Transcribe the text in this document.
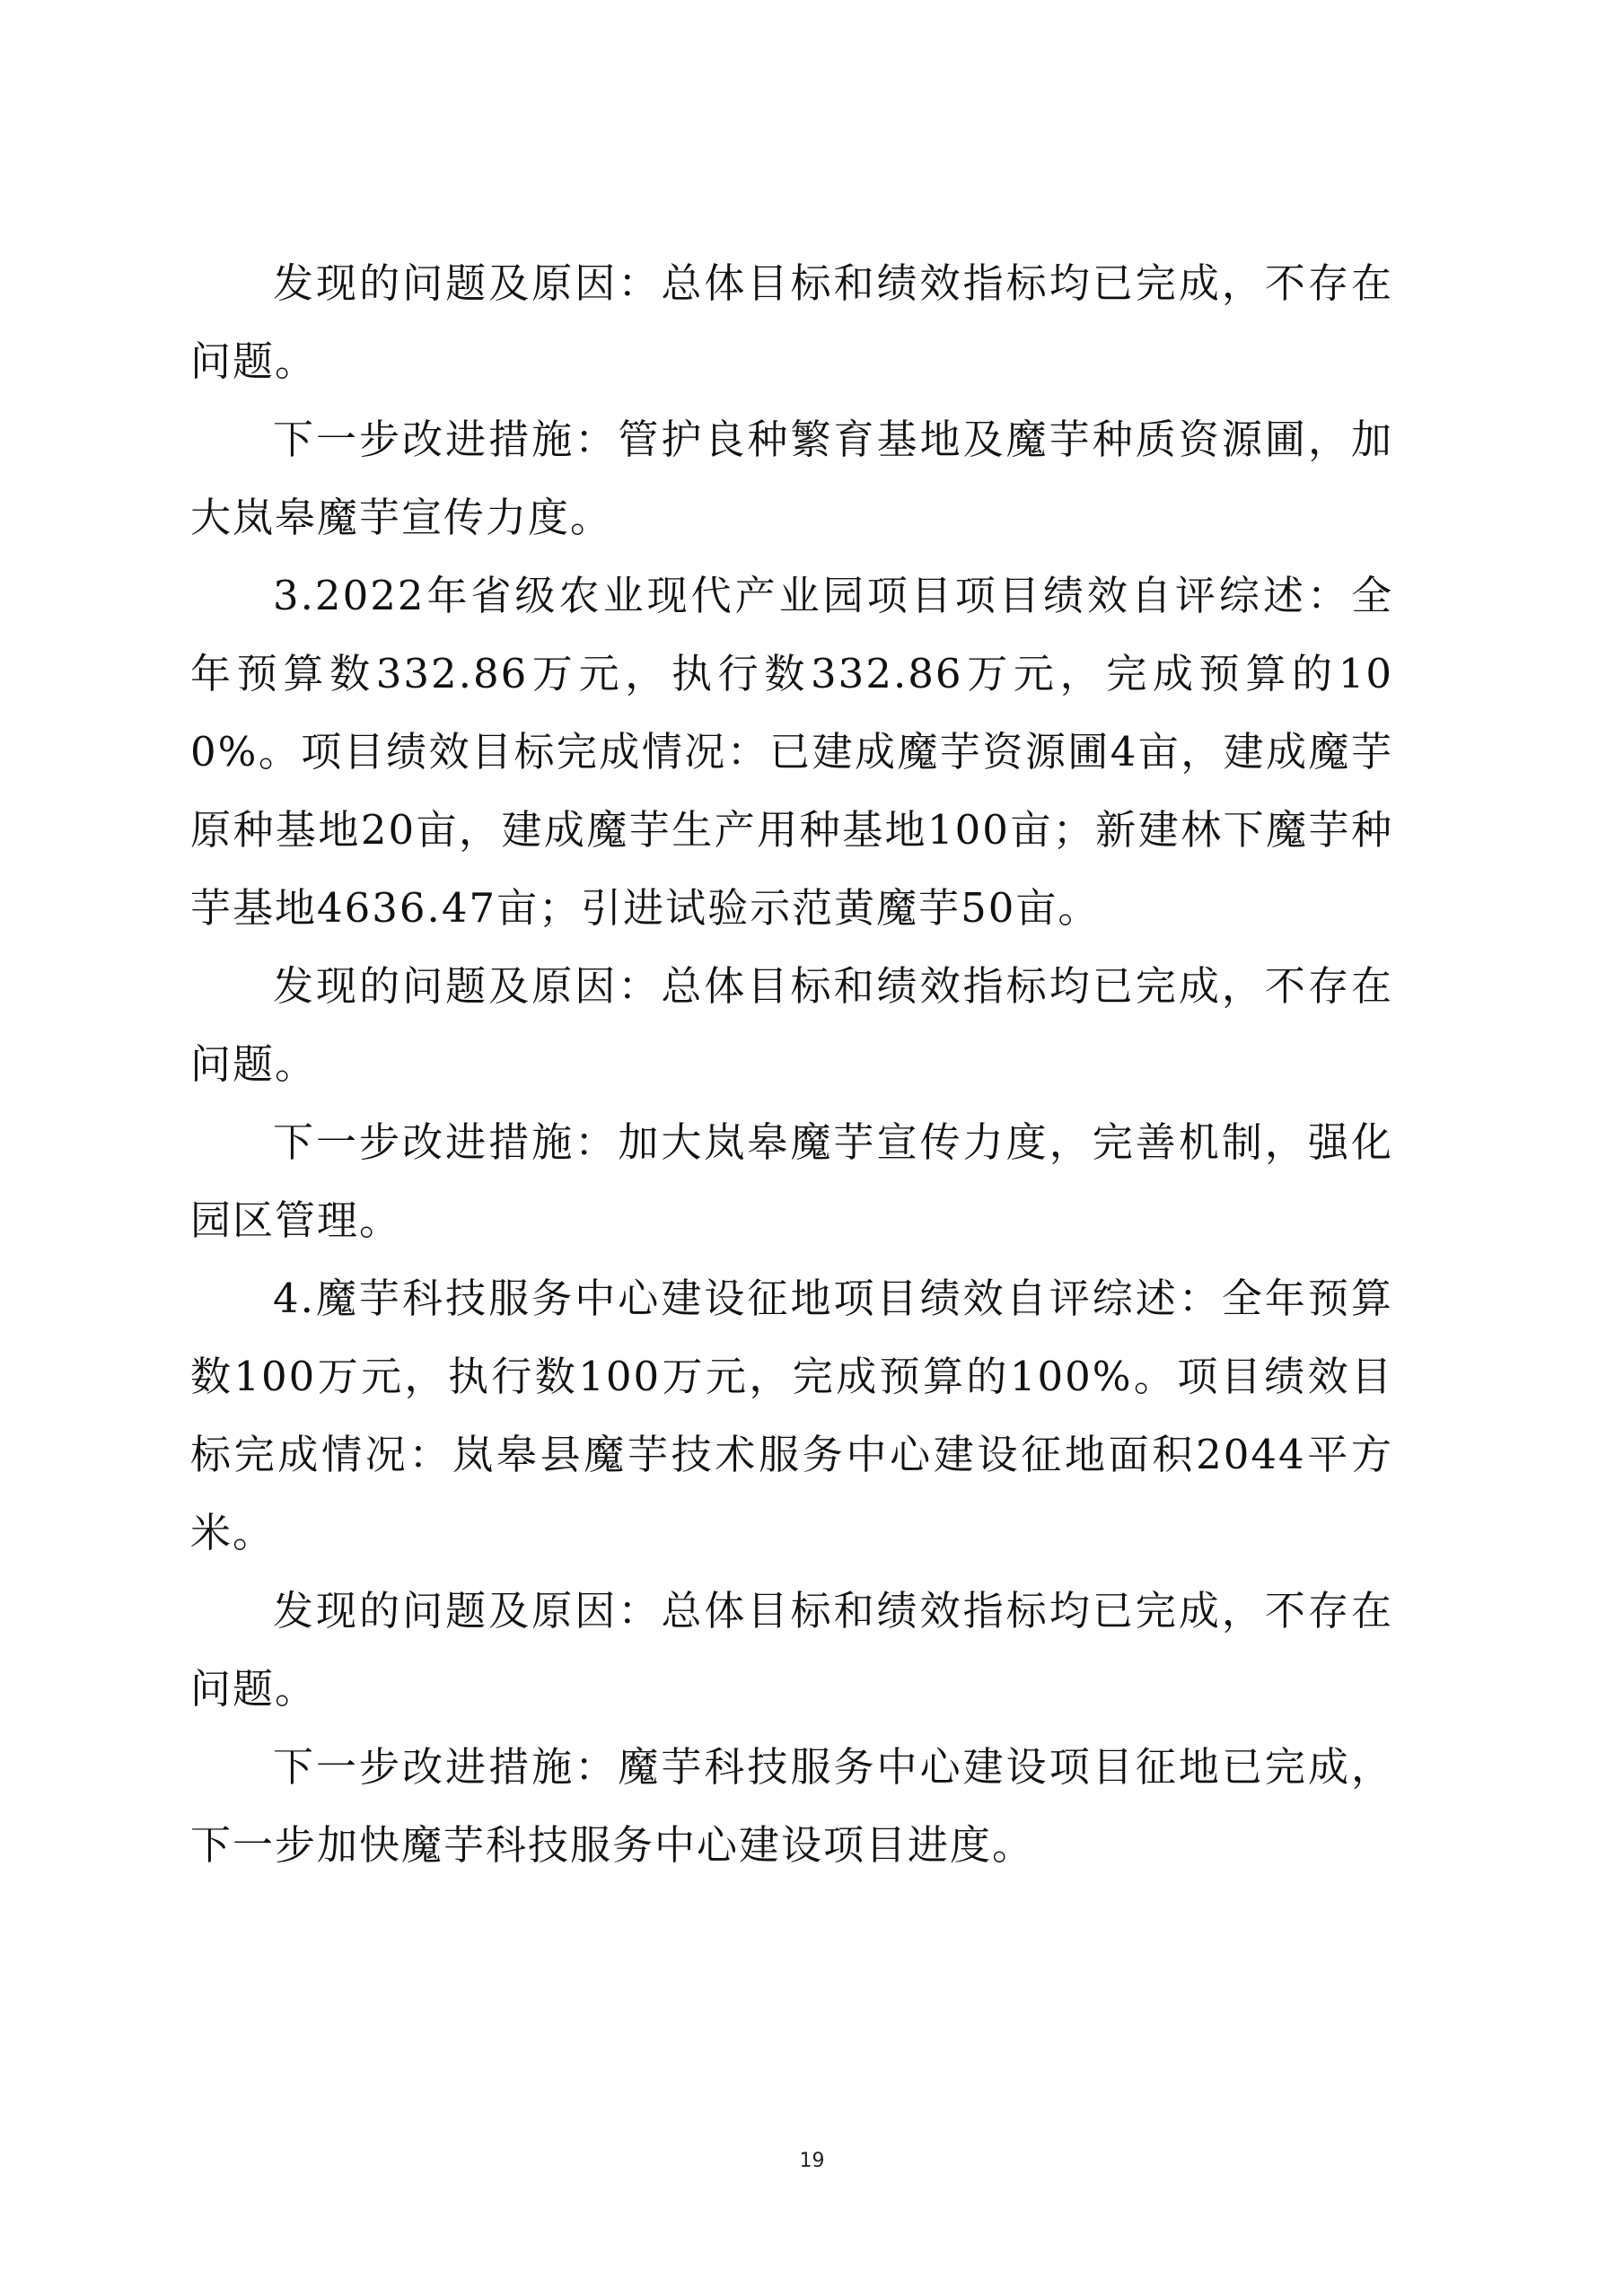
发现的问题及原因：总体目标和绩效指标均已完成，不存在问题。

下一步改进措施：管护良种繁育基地及魔芋种质资源圃，加大岚皋魔芋宣传力度。

3.2022年省级农业现代产业园项目项目绩效自评综述：全年预算数332.86万元，执行数332.86万元，完成预算的100%。项目绩效目标完成情况：已建成魔芋资源圃4亩，建成魔芋原种基地20亩，建成魔芋生产用种基地100亩；新建林下魔芋种芋基地4636.47亩；引进试验示范黄魔芋50亩。

发现的问题及原因：总体目标和绩效指标均已完成，不存在问题。

下一步改进措施：加大岚皋魔芋宣传力度，完善机制，强化园区管理。

4.魔芋科技服务中心建设征地项目绩效自评综述：全年预算数100万元，执行数100万元，完成预算的100%。项目绩效目标完成情况：岚皋县魔芋技术服务中心建设征地面积2044平方米。

发现的问题及原因：总体目标和绩效指标均已完成，不存在问题。

下一步改进措施：魔芋科技服务中心建设项目征地已完成，下一步加快魔芋科技服务中心建设项目进度。

19
